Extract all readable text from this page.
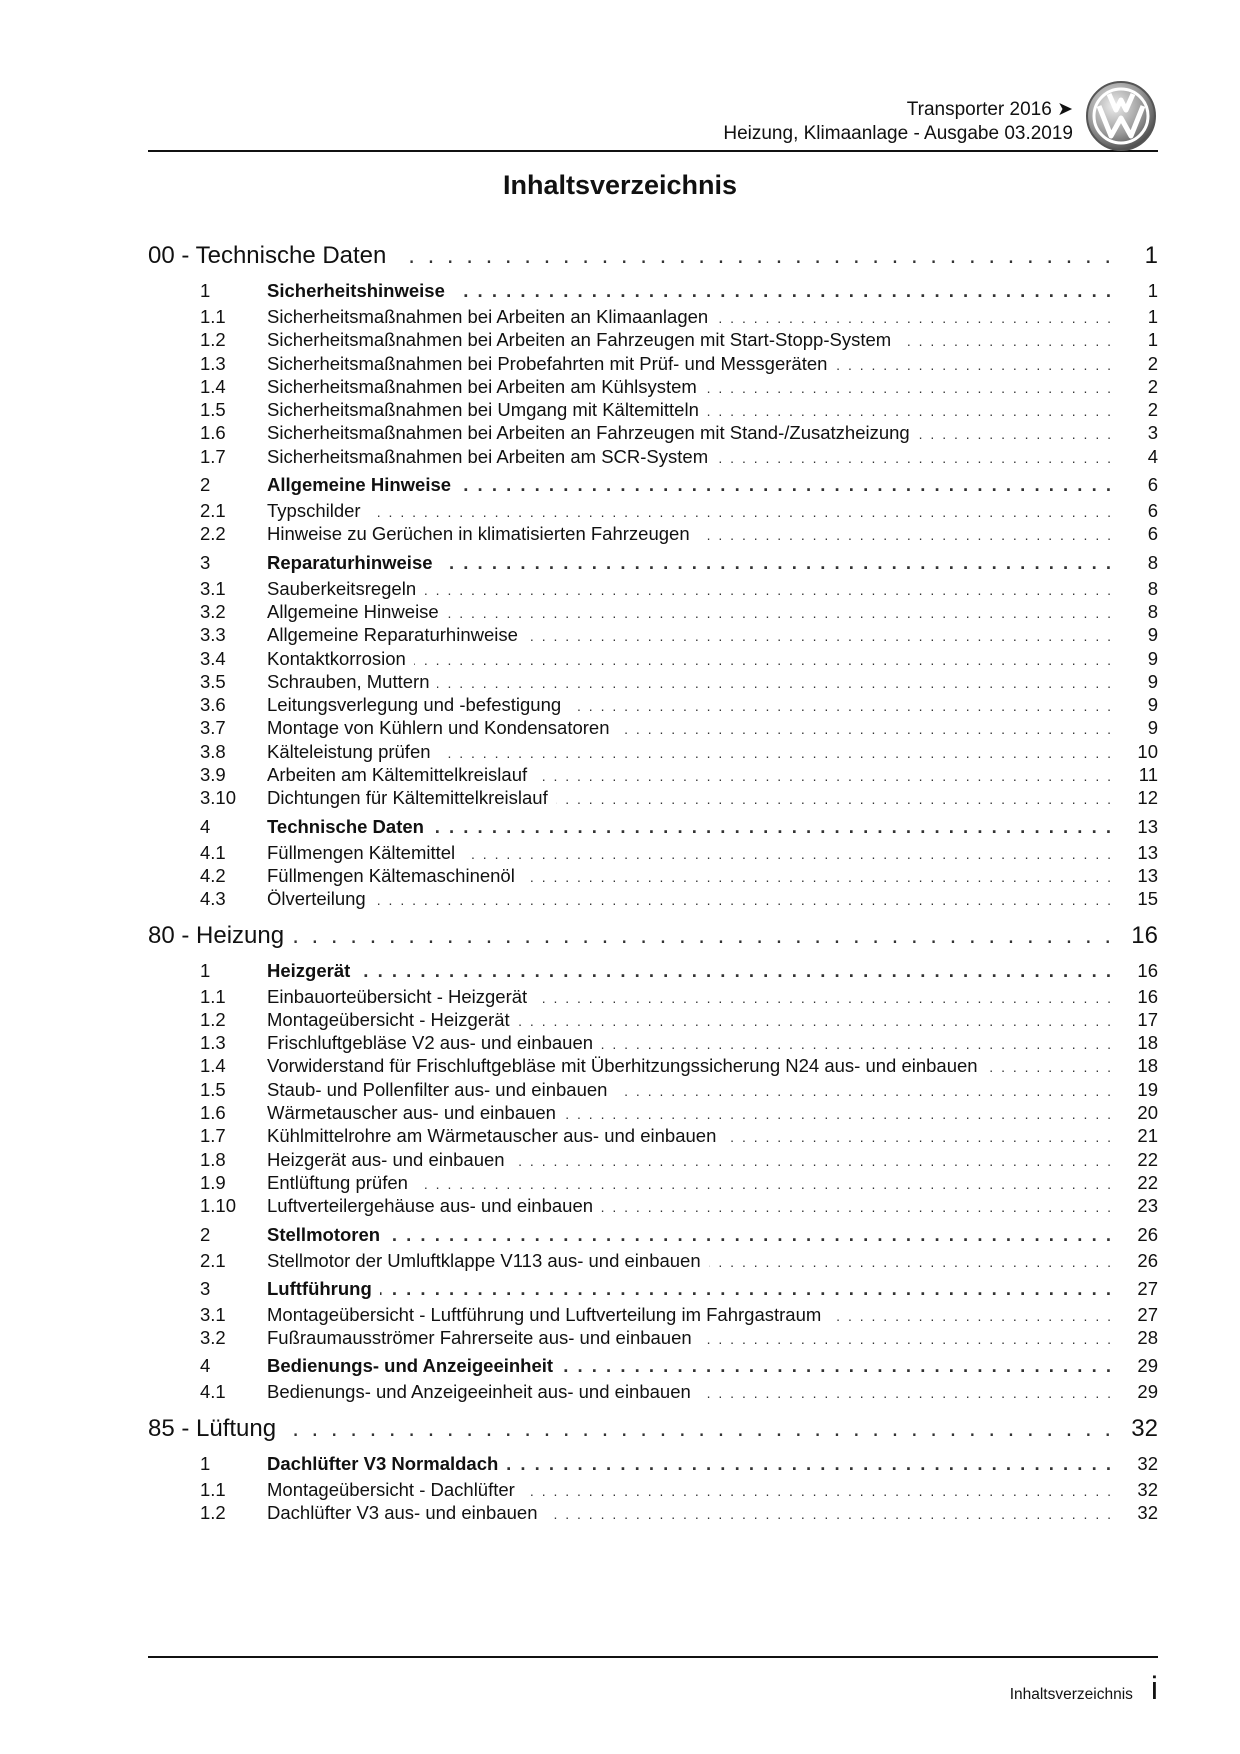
Transporter 2016 ➤
Heizung, Klimaanlage - Ausgabe 03.2019
Inhaltsverzeichnis
00 - Technische Daten . . .	1
1	Sicherheitshinweise . . .	1
1.1	Sicherheitsmaßnahmen bei Arbeiten an Klimaanlagen . . .	1
1.2	Sicherheitsmaßnahmen bei Arbeiten an Fahrzeugen mit Start-Stopp-System . . .	1
1.3	Sicherheitsmaßnahmen bei Probefahrten mit Prüf- und Messgeräten . . .	2
1.4	Sicherheitsmaßnahmen bei Arbeiten am Kühlsystem . . .	2
1.5	Sicherheitsmaßnahmen bei Umgang mit Kältemitteln . . .	2
1.6	Sicherheitsmaßnahmen bei Arbeiten an Fahrzeugen mit Stand-/Zusatzheizung . . .	3
1.7	Sicherheitsmaßnahmen bei Arbeiten am SCR-System . . .	4
2	Allgemeine Hinweise . . .	6
2.1	Typschilder . . .	6
2.2	Hinweise zu Gerüchen in klimatisierten Fahrzeugen . . .	6
3	Reparaturhinweise . . .	8
3.1	Sauberkeitsregeln . . .	8
3.2	Allgemeine Hinweise . . .	8
3.3	Allgemeine Reparaturhinweise . . .	9
3.4	Kontaktkorrosion . . .	9
3.5	Schrauben, Muttern . . .	9
3.6	Leitungsverlegung und -befestigung . . .	9
3.7	Montage von Kühlern und Kondensatoren . . .	9
3.8	Kälteleistung prüfen . . .	10
3.9	Arbeiten am Kältemittelkreislauf . . .	11
3.10	Dichtungen für Kältemittelkreislauf . . .	12
4	Technische Daten . . .	13
4.1	Füllmengen Kältemittel . . .	13
4.2	Füllmengen Kältemaschinenöl . . .	13
4.3	Ölverteilung . . .	15
80 - Heizung . . .	16
1	Heizgerät . . .	16
1.1	Einbauorteübersicht - Heizgerät . . .	16
1.2	Montageübersicht - Heizgerät . . .	17
1.3	Frischluftgebläse V2 aus- und einbauen . . .	18
1.4	Vorwiderstand für Frischluftgebläse mit Überhitzungssicherung N24 aus- und einbauen . . .	18
1.5	Staub- und Pollenfilter aus- und einbauen . . .	19
1.6	Wärmetauscher aus- und einbauen . . .	20
1.7	Kühlmittelrohre am Wärmetauscher aus- und einbauen . . .	21
1.8	Heizgerät aus- und einbauen . . .	22
1.9	Entlüftung prüfen . . .	22
1.10	Luftverteilergehäuse aus- und einbauen . . .	23
2	Stellmotoren . . .	26
2.1	Stellmotor der Umluftklappe V113 aus- und einbauen . . .	26
3	Luftführung . . .	27
3.1	Montageübersicht - Luftführung und Luftverteilung im Fahrgastraum . . .	27
3.2	Fußraumausströmer Fahrerseite aus- und einbauen . . .	28
4	Bedienungs- und Anzeigeeinheit . . .	29
4.1	Bedienungs- und Anzeigeeinheit aus- und einbauen . . .	29
85 - Lüftung . . .	32
1	Dachlüfter V3 Normaldach . . .	32
1.1	Montageübersicht - Dachlüfter . . .	32
1.2	Dachlüfter V3 aus- und einbauen . . .	32
Inhaltsverzeichnis i
